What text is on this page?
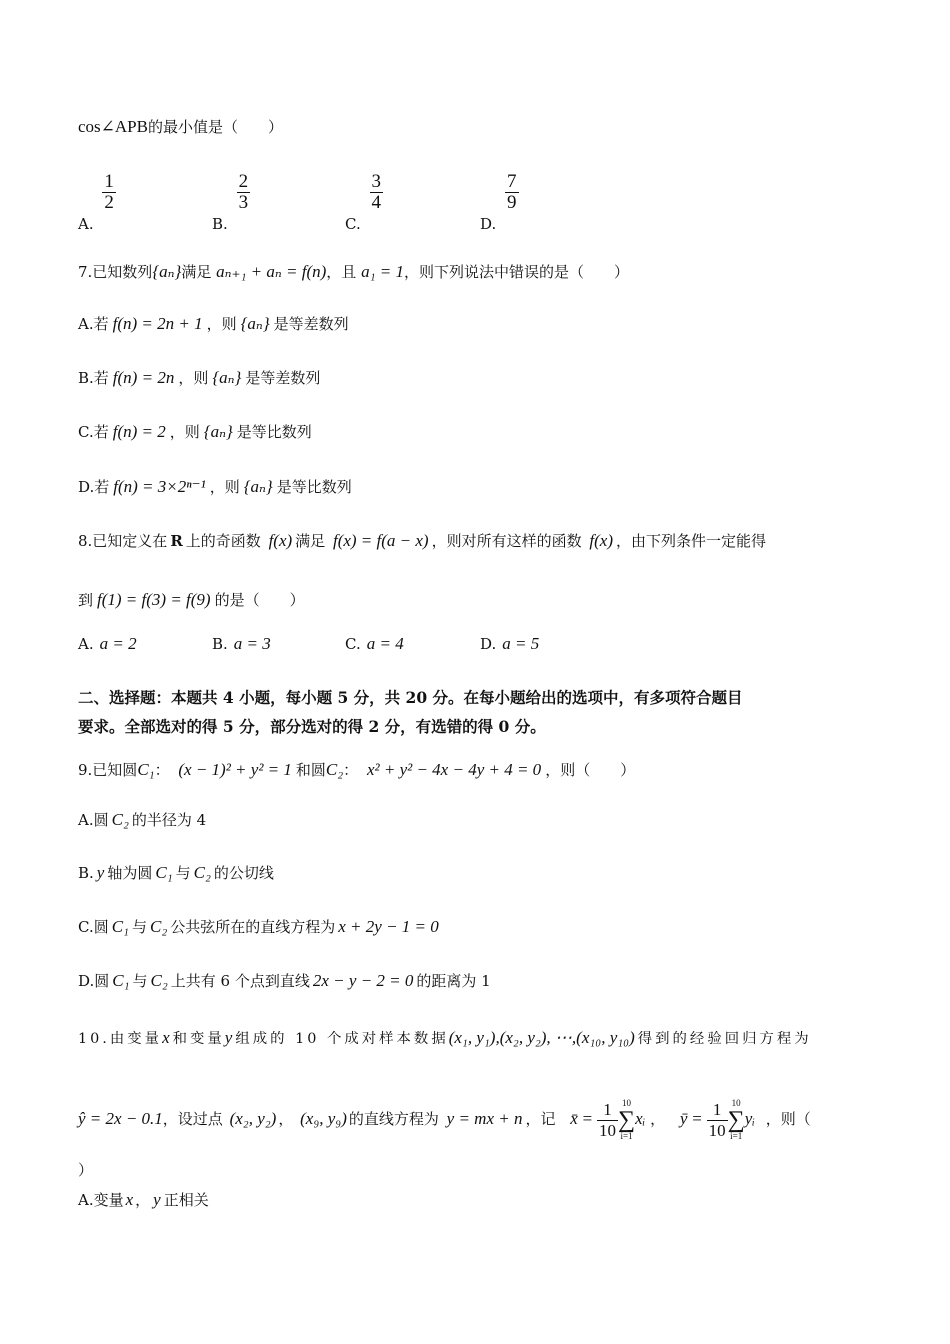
cos∠APB的最小值是（　　）
A.
$\frac{1}{2}$
B.
$\frac{2}{3}$
C.
$\frac{3}{4}$
D.
$\frac{7}{9}$
7.已知数列{aₙ}满足 aₙ₊₁ + aₙ = f(n)，且 a₁ = 1，则下列说法中错误的是（　　）
A.若 f(n) = 2n + 1 ，则 {aₙ} 是等差数列
B.若 f(n) = 2n ，则 {aₙ} 是等差数列
C.若 f(n) = 2 ，则 {aₙ} 是等比数列
D.若 f(n) = 3×2ⁿ⁻¹ ，则 {aₙ} 是等比数列
8.已知定义在 R 上的奇函数 f(x) 满足 f(x) = f(a − x) ，则对所有这样的函数 f(x) ，由下列条件一定能得
到 f(1) = f(3) = f(9) 的是（　　）
A. a = 2	B. a = 3	C. a = 4	D. a = 5
二、选择题：本题共 4 小题，每小题 5 分，共 20 分。在每小题给出的选项中，有多项符合题目
要求。全部选对的得 5 分，部分选对的得 2 分，有选错的得 0 分。
9.已知圆C₁： (x − 1)² + y² = 1 和圆C₂： x² + y² − 4x − 4y + 4 = 0 ，则（　　）
A.圆 C₂ 的半径为 4
B. y 轴为圆 C₁ 与 C₂ 的公切线
C.圆 C₁ 与 C₂ 公共弦所在的直线方程为 x + 2y − 1 = 0
D.圆 C₁ 与 C₂ 上共有 6 个点到直线 2x − y − 2 = 0 的距离为 1
10.由变量x 和变量y 组成的 10 个成对样本数据(x₁, y₁),(x₂, y₂), ⋯,(x₁₀, y₁₀) 得到的经验回归方程为
ŷ = 2x − 0.1，设过点 (x₂, y₂) ， (x₉, y₉) 的直线方程为 y = mx + n ，记 x̄ = $\frac{1}{10} 10$
∑
i=1
xᵢ ， ȳ = $\frac{1}{10} 10$
∑
i=1
yᵢ ，则（
）
A.变量 x ， y 正相关
